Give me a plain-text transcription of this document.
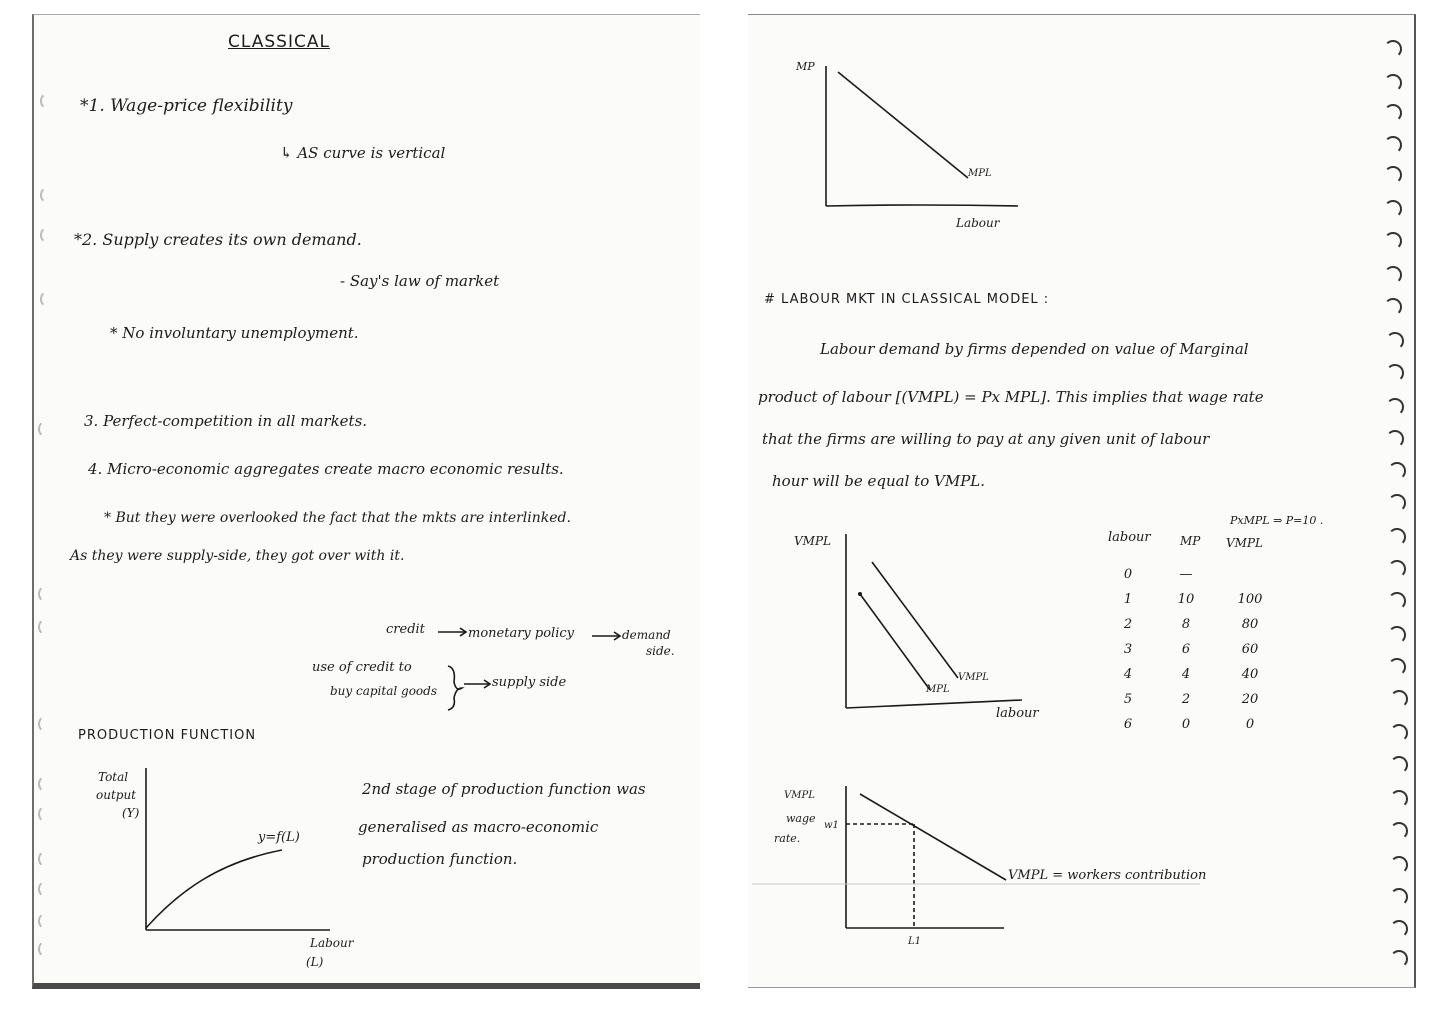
CLASSICAL
*1. Wage-price flexibility
↳ AS curve is vertical
*2. Supply creates its own demand.
- Say's law of market
* No involuntary unemployment.
3. Perfect-competition in all markets.
4. Micro-economic aggregates create macro economic results.
* But they were overlooked the fact that the mkts are interlinked.
As they were supply-side, they got over with it.
credit	monetary policy	demand
side.
use of credit to
buy capital goods
supply side
PRODUCTION FUNCTION
Total
output
(Y)
y=f(L)
Labour
(L)
2nd stage of production function was
generalised as macro-economic
production function.
MP
MPL
Labour
# LABOUR MKT IN CLASSICAL MODEL :
Labour demand by firms depended on value of Marginal
product of labour [(VMPL) = Px MPL]. This implies that wage rate
that the firms are willing to pay at any given unit of labour
hour will be equal to VMPL.
VMPL
MPL
VMPL
labour
PxMPL ⇒ P=10 .
labour MP VMPL
0
1
2
3
4
5
6
—
10
8
6
4
2
0
100
80
60
40
20
0
VMPL
wage
rate.
w1
L1
VMPL = workers contribution
